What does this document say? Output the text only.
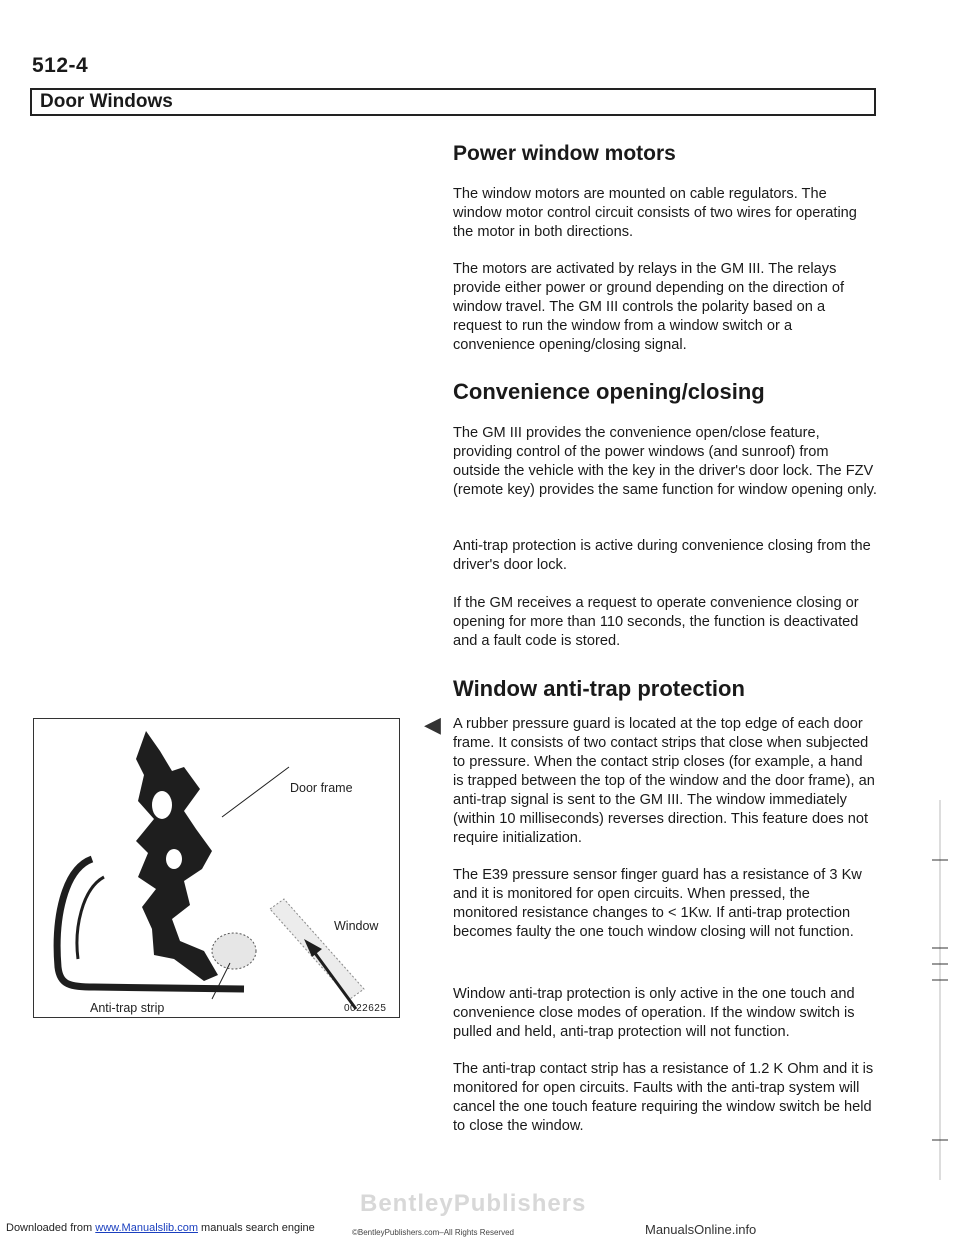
512-4
Door Windows
Power window motors

The window motors are mounted on cable regulators. The window motor control circuit consists of two wires for operating the motor in both directions.

The motors are activated by relays in the GM III. The relays provide either power or ground depending on the direction of window travel. The GM III controls the polarity based on a request to run the window from a window switch or a convenience opening/closing signal.

Convenience opening/closing

The GM III provides the convenience open/close feature, providing control of the power windows (and sunroof) from outside the vehicle with the key in the driver's door lock. The FZV (remote key) provides the same function for window opening only.

Anti-trap protection is active during convenience closing from the driver's door lock.

If the GM receives a request to operate convenience closing or opening for more than 110 seconds, the function is deactivated and a fault code is stored.

Window anti-trap protection
◀ A rubber pressure guard is located at the top edge of each door frame. It consists of two contact strips that close when subjected to pressure. When the contact strip closes (for example, a hand is trapped between the top of the window and the door frame), an anti-trap signal is sent to the GM III. The window immediately (within 10 milliseconds) reverses direction. This feature does not require initialization.

The E39 pressure sensor finger guard has a resistance of 3 Kw and it is monitored for open circuits. When pressed, the monitored resistance changes to < 1Kw. If anti-trap protection becomes faulty the one touch window closing will not function.

Window anti-trap protection is only active in the one touch and convenience close modes of operation. If the window switch is pulled and held, anti-trap protection will not function.

The anti-trap contact strip has a resistance of 1.2 K Ohm and it is monitored for open circuits. Faults with the anti-trap system will cancel the one touch feature requiring the window switch be held to close the window.

Door frame
Window
Anti-trap strip	0022625
BentleyPublishers
Downloaded from www.Manualslib.com manuals search engine	©BentleyPublishers.com–All Rights Reserved	ManualsOnline.info
